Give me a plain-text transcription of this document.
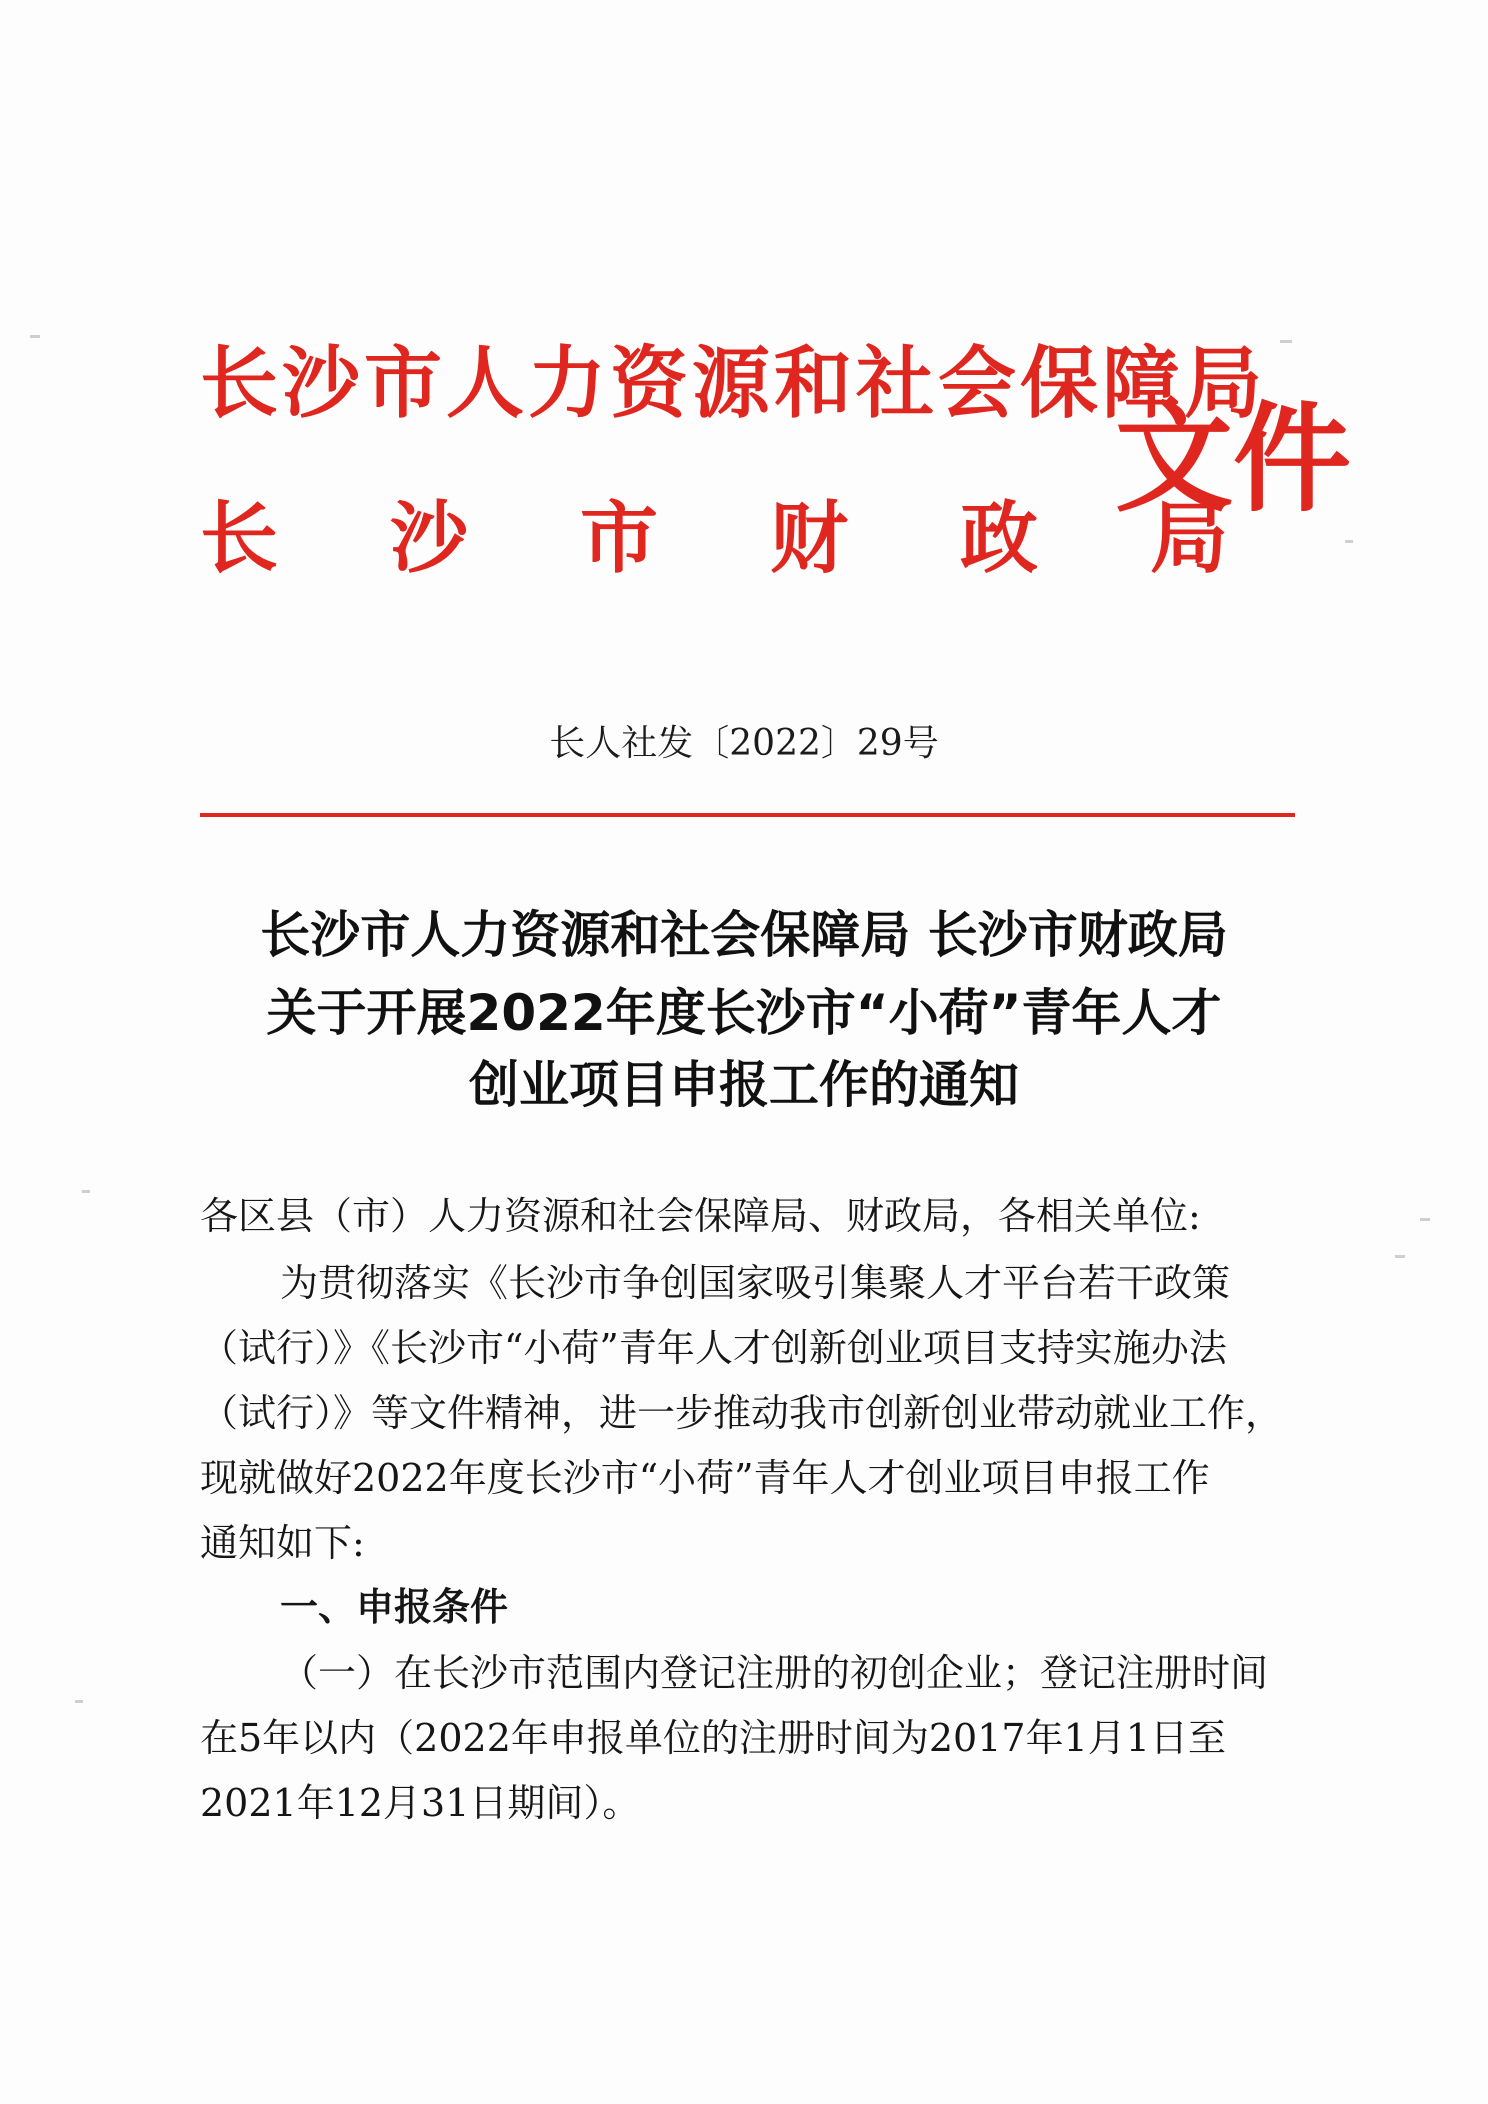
长沙市人力资源和社会保障局
长沙市财政局
文件
长人社发〔2022〕29号
长沙市人力资源和社会保障局 长沙市财政局
关于开展2022年度长沙市“小荷”青年人才
创业项目申报工作的通知
各区县（市）人力资源和社会保障局、财政局，各相关单位:
为贯彻落实《长沙市争创国家吸引集聚人才平台若干政策
（试行）》《长沙市“小荷”青年人才创新创业项目支持实施办法
（试行）》等文件精神，进一步推动我市创新创业带动就业工作，
现就做好2022年度长沙市“小荷”青年人才创业项目申报工作
通知如下:
一、申报条件
（一）在长沙市范围内登记注册的初创企业；登记注册时间
在5年以内（2022年申报单位的注册时间为2017年1月1日至
2021年12月31日期间）。
